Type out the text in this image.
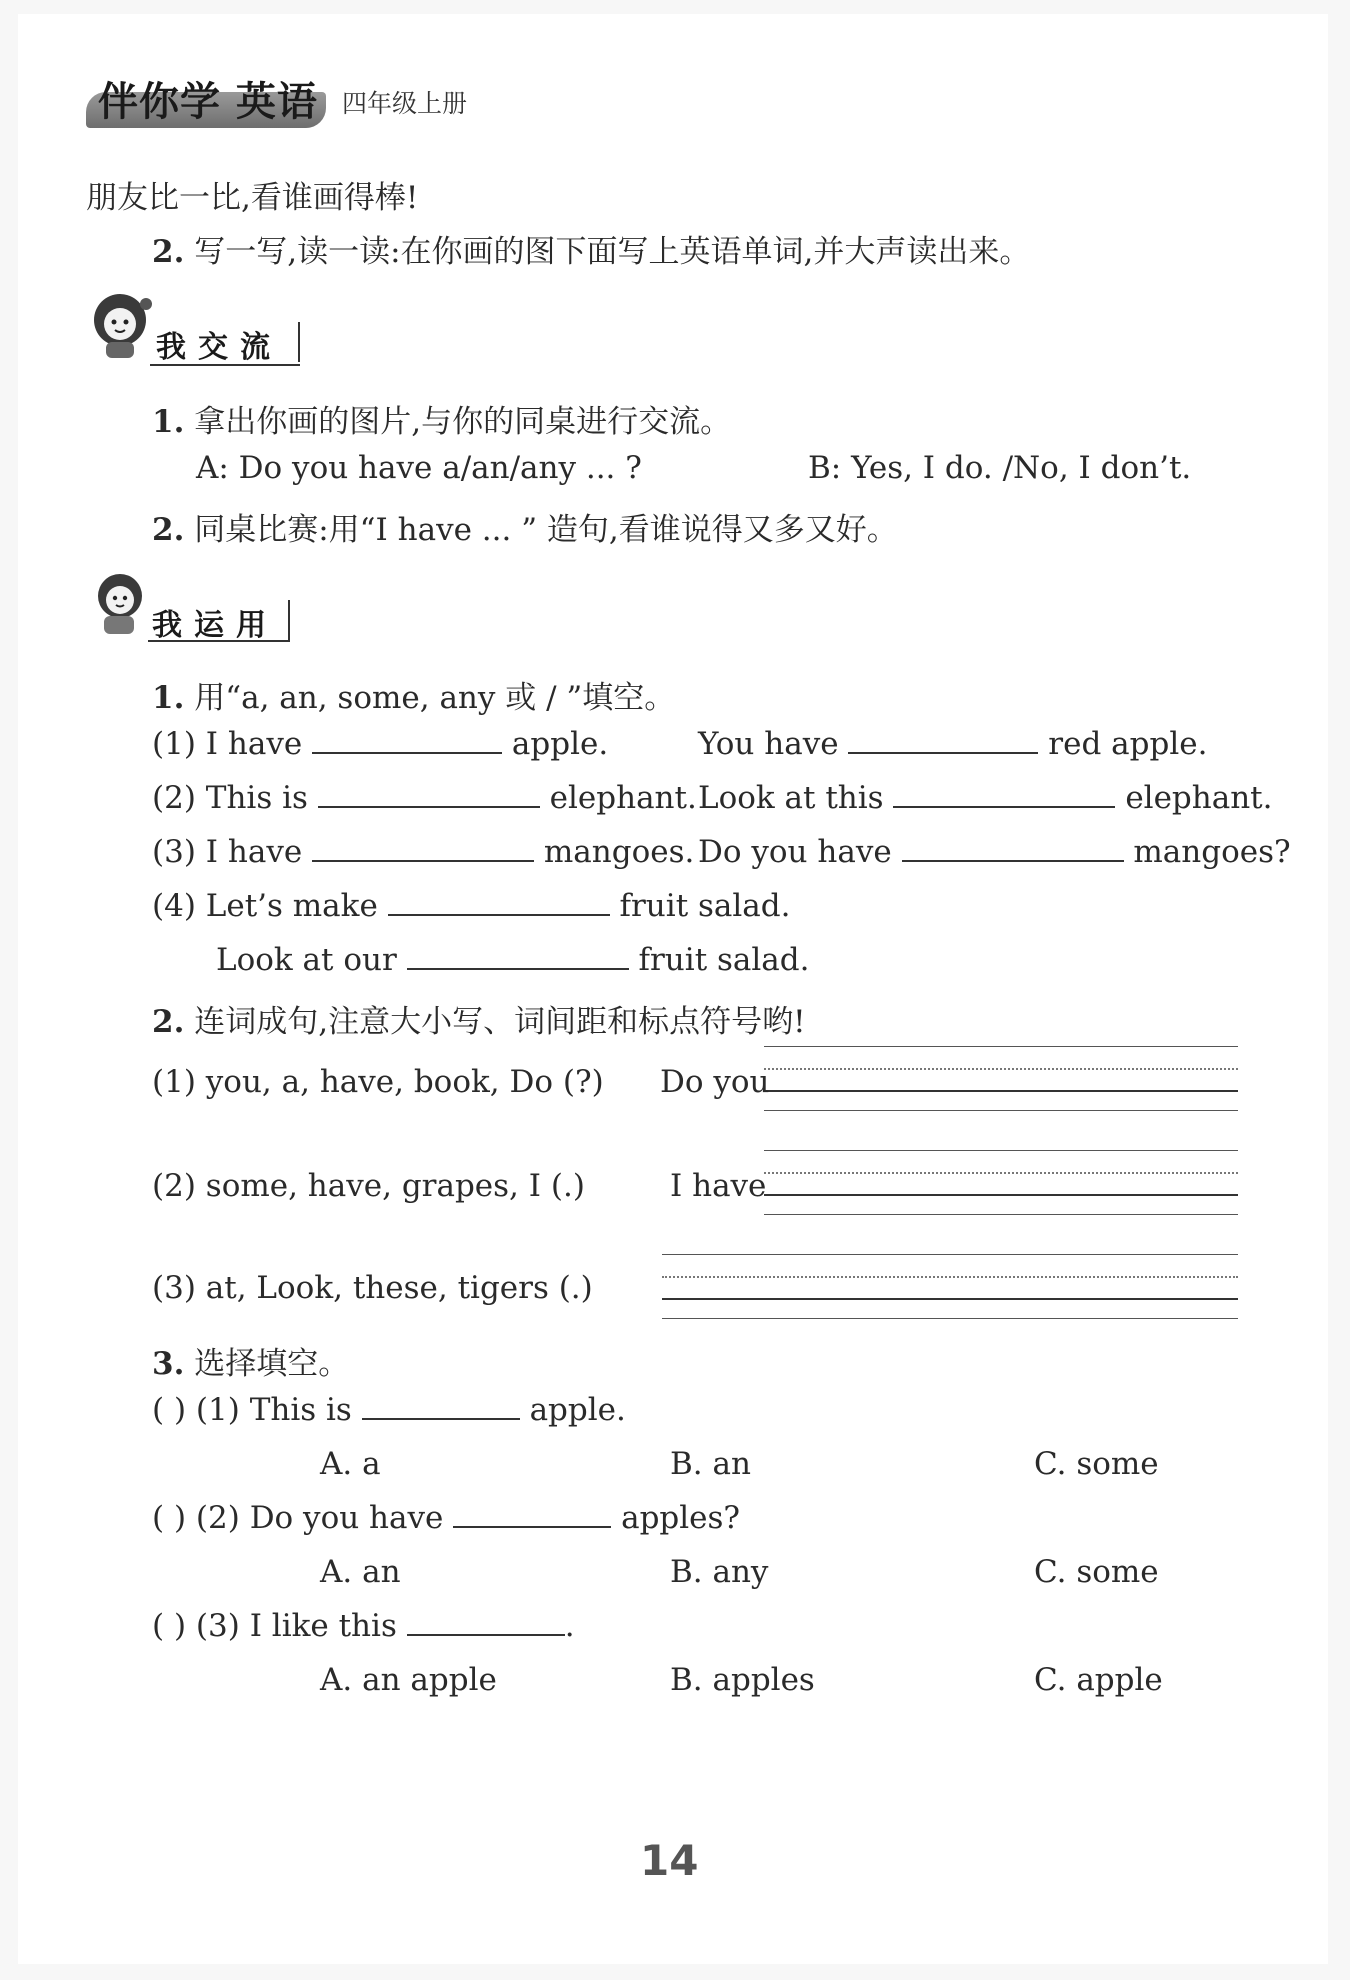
伴你学 英语 四年级上册
朋友比一比,看谁画得棒!
2. 写一写,读一读:在你画的图下面写上英语单词,并大声读出来。
我交流
1. 拿出你画的图片,与你的同桌进行交流。
A: Do you have a/an/any ... ?	B: Yes, I do. /No, I don’t.
2. 同桌比赛:用“I have ... ” 造句,看谁说得又多又好。
我运用
1. 用“a, an, some, any 或 / ”填空。
(1) I have	apple.	You have	red apple.
(2) This is	elephant. Look at this	elephant.
(3) I have	mangoes. Do you have	mangoes?
(4) Let’s make	fruit salad.
Look at our	fruit salad.
2. 连词成句,注意大小写、词间距和标点符号哟!
(1) you, a, have, book, Do (?) Do you
(2) some, have, grapes, I (.)	I have
(3) at, Look, these, tigers (.)
3. 选择填空。
( ) (1) This is	apple.
A. a	B. an	C. some
( ) (2) Do you have	apples?
A. an	B. any	C. some
( ) (3) I like this	.
A. an apple	B. apples	C. apple
14
